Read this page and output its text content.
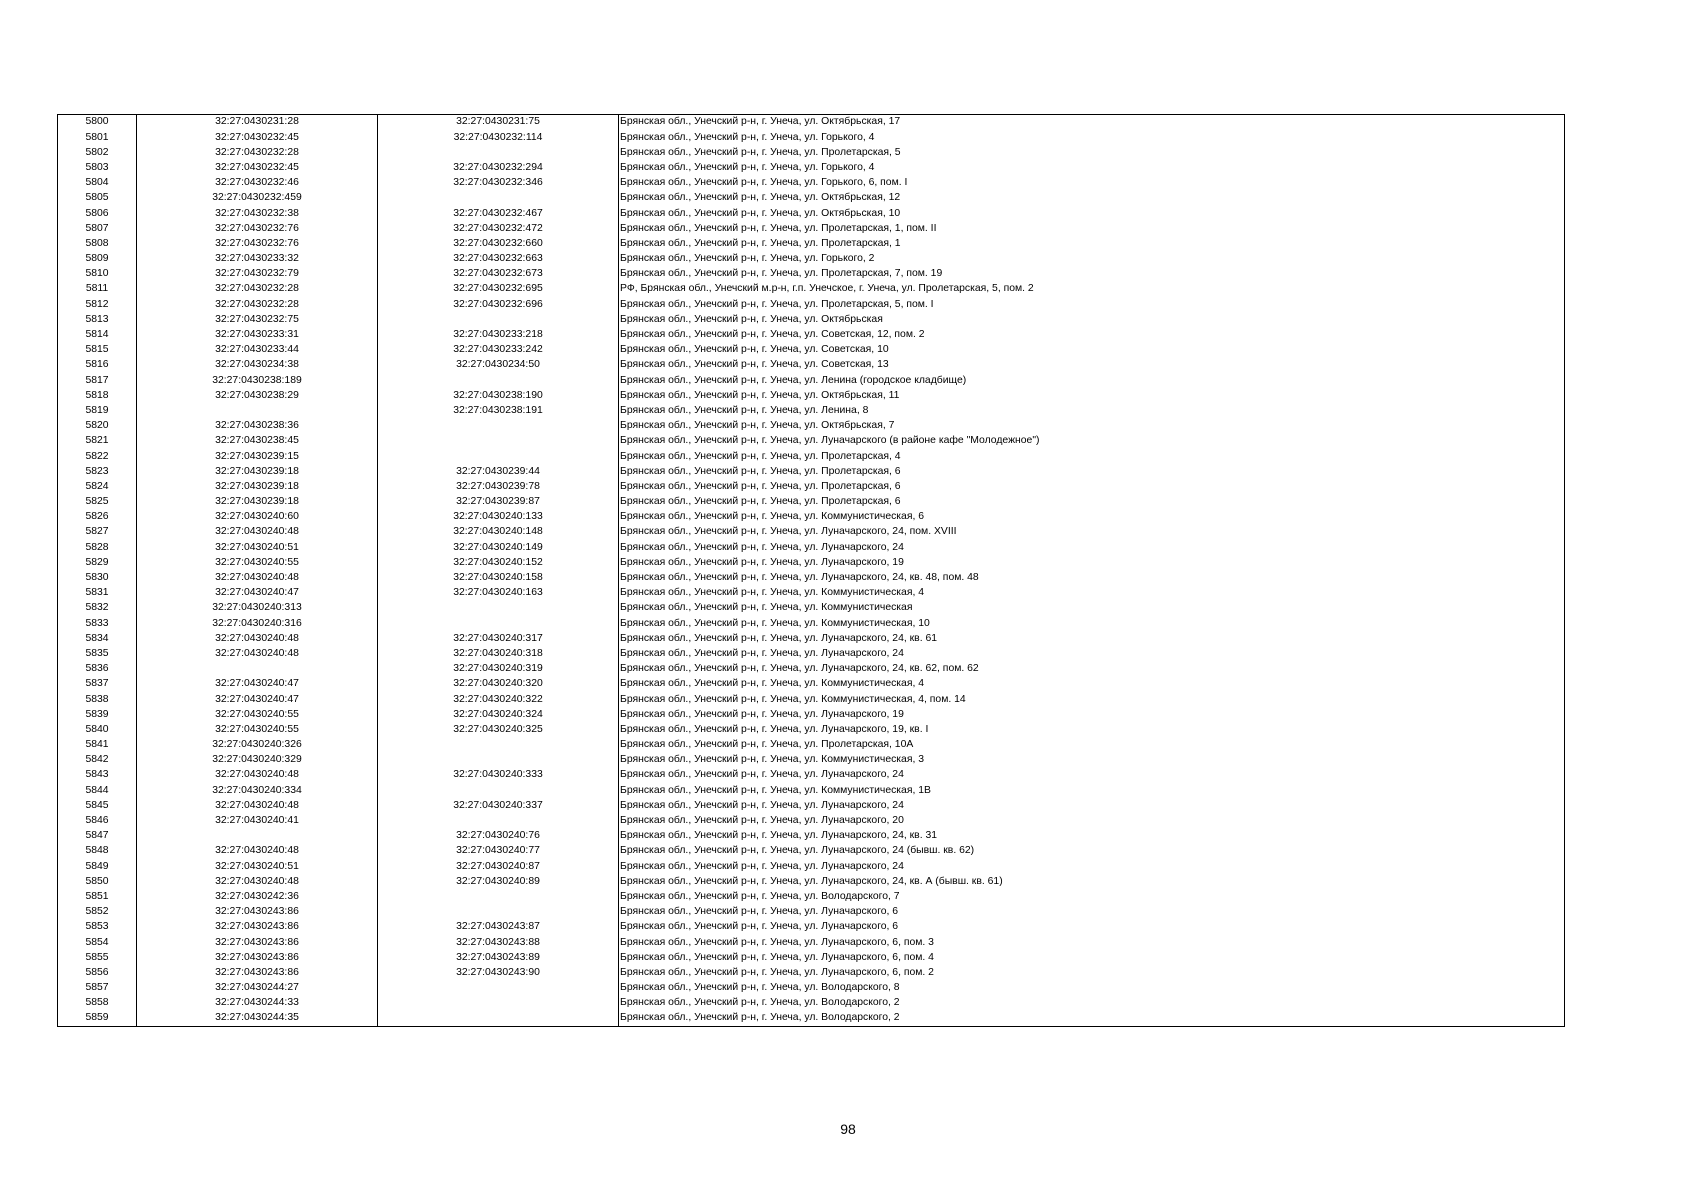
5800	32:27:0430231:28	32:27:0430231:75	Брянская обл., Унечский р-н, г. Унеча, ул. Октябрьская, 17
5801	32:27:0430232:45	32:27:0430232:114	Брянская обл., Унечский р-н, г. Унеча, ул. Горького, 4
5802	32:27:0430232:28		Брянская обл., Унечский р-н, г. Унеча, ул. Пролетарская, 5
5803	32:27:0430232:45	32:27:0430232:294	Брянская обл., Унечский р-н, г. Унеча, ул. Горького, 4
5804	32:27:0430232:46	32:27:0430232:346	Брянская обл., Унечский р-н, г. Унеча, ул. Горького, 6, пом. I
5805	32:27:0430232:459		Брянская обл., Унечский р-н, г. Унеча, ул. Октябрьская, 12
5806	32:27:0430232:38	32:27:0430232:467	Брянская обл., Унечский р-н, г. Унеча, ул. Октябрьская, 10
5807	32:27:0430232:76	32:27:0430232:472	Брянская обл., Унечский р-н, г. Унеча, ул. Пролетарская, 1, пом. II
5808	32:27:0430232:76	32:27:0430232:660	Брянская обл., Унечский р-н, г. Унеча, ул. Пролетарская, 1
5809	32:27:0430233:32	32:27:0430232:663	Брянская обл., Унечский р-н, г. Унеча, ул. Горького, 2
5810	32:27:0430232:79	32:27:0430232:673	Брянская обл., Унечский р-н, г. Унеча, ул. Пролетарская, 7, пом. 19
5811	32:27:0430232:28	32:27:0430232:695	РФ, Брянская обл., Унечский м.р-н, г.п. Унечское, г. Унеча, ул. Пролетарская, 5, пом. 2
5812	32:27:0430232:28	32:27:0430232:696	Брянская обл., Унечский р-н, г. Унеча, ул. Пролетарская, 5, пом. I
5813	32:27:0430232:75		Брянская обл., Унечский р-н, г. Унеча, ул. Октябрьская
5814	32:27:0430233:31	32:27:0430233:218	Брянская обл., Унечский р-н, г. Унеча, ул. Советская, 12, пом. 2
5815	32:27:0430233:44	32:27:0430233:242	Брянская обл., Унечский р-н, г. Унеча, ул. Советская, 10
5816	32:27:0430234:38	32:27:0430234:50	Брянская обл., Унечский р-н, г. Унеча, ул. Советская, 13
5817	32:27:0430238:189		Брянская обл., Унечский р-н, г. Унеча, ул. Ленина (городское кладбище)
5818	32:27:0430238:29	32:27:0430238:190	Брянская обл., Унечский р-н, г. Унеча, ул. Октябрьская, 11
5819		32:27:0430238:191	Брянская обл., Унечский р-н, г. Унеча, ул. Ленина, 8
5820	32:27:0430238:36		Брянская обл., Унечский р-н, г. Унеча, ул. Октябрьская, 7
5821	32:27:0430238:45		Брянская обл., Унечский р-н, г. Унеча, ул. Луначарского (в районе кафе "Молодежное")
5822	32:27:0430239:15		Брянская обл., Унечский р-н, г. Унеча, ул. Пролетарская, 4
5823	32:27:0430239:18	32:27:0430239:44	Брянская обл., Унечский р-н, г. Унеча, ул. Пролетарская, 6
5824	32:27:0430239:18	32:27:0430239:78	Брянская обл., Унечский р-н, г. Унеча, ул. Пролетарская, 6
5825	32:27:0430239:18	32:27:0430239:87	Брянская обл., Унечский р-н, г. Унеча, ул. Пролетарская, 6
5826	32:27:0430240:60	32:27:0430240:133	Брянская обл., Унечский р-н, г. Унеча, ул. Коммунистическая, 6
5827	32:27:0430240:48	32:27:0430240:148	Брянская обл., Унечский р-н, г. Унеча, ул. Луначарского, 24, пом. XVIII
5828	32:27:0430240:51	32:27:0430240:149	Брянская обл., Унечский р-н, г. Унеча, ул. Луначарского, 24
5829	32:27:0430240:55	32:27:0430240:152	Брянская обл., Унечский р-н, г. Унеча, ул. Луначарского, 19
5830	32:27:0430240:48	32:27:0430240:158	Брянская обл., Унечский р-н, г. Унеча, ул. Луначарского, 24, кв. 48, пом. 48
5831	32:27:0430240:47	32:27:0430240:163	Брянская обл., Унечский р-н, г. Унеча, ул. Коммунистическая, 4
5832	32:27:0430240:313		Брянская обл., Унечский р-н, г. Унеча, ул. Коммунистическая
5833	32:27:0430240:316		Брянская обл., Унечский р-н, г. Унеча, ул. Коммунистическая, 10
5834	32:27:0430240:48	32:27:0430240:317	Брянская обл., Унечский р-н, г. Унеча, ул. Луначарского, 24, кв. 61
5835	32:27:0430240:48	32:27:0430240:318	Брянская обл., Унечский р-н, г. Унеча, ул. Луначарского, 24
5836		32:27:0430240:319	Брянская обл., Унечский р-н, г. Унеча, ул. Луначарского, 24, кв. 62, пом. 62
5837	32:27:0430240:47	32:27:0430240:320	Брянская обл., Унечский р-н, г. Унеча, ул. Коммунистическая, 4
5838	32:27:0430240:47	32:27:0430240:322	Брянская обл., Унечский р-н, г. Унеча, ул. Коммунистическая, 4, пом. 14
5839	32:27:0430240:55	32:27:0430240:324	Брянская обл., Унечский р-н, г. Унеча, ул. Луначарского, 19
5840	32:27:0430240:55	32:27:0430240:325	Брянская обл., Унечский р-н, г. Унеча, ул. Луначарского, 19, кв. I
5841	32:27:0430240:326		Брянская обл., Унечский р-н, г. Унеча, ул. Пролетарская, 10А
5842	32:27:0430240:329		Брянская обл., Унечский р-н, г. Унеча, ул. Коммунистическая, 3
5843	32:27:0430240:48	32:27:0430240:333	Брянская обл., Унечский р-н, г. Унеча, ул. Луначарского, 24
5844	32:27:0430240:334		Брянская обл., Унечский р-н, г. Унеча, ул. Коммунистическая, 1В
5845	32:27:0430240:48	32:27:0430240:337	Брянская обл., Унечский р-н, г. Унеча, ул. Луначарского, 24
5846	32:27:0430240:41		Брянская обл., Унечский р-н, г. Унеча, ул. Луначарского, 20
5847		32:27:0430240:76	Брянская обл., Унечский р-н, г. Унеча, ул. Луначарского, 24, кв. 31
5848	32:27:0430240:48	32:27:0430240:77	Брянская обл., Унечский р-н, г. Унеча, ул. Луначарского, 24 (бывш. кв. 62)
5849	32:27:0430240:51	32:27:0430240:87	Брянская обл., Унечский р-н, г. Унеча, ул. Луначарского, 24
5850	32:27:0430240:48	32:27:0430240:89	Брянская обл., Унечский р-н, г. Унеча, ул. Луначарского, 24, кв. А (бывш. кв. 61)
5851	32:27:0430242:36		Брянская обл., Унечский р-н, г. Унеча, ул. Володарского, 7
5852	32:27:0430243:86		Брянская обл., Унечский р-н, г. Унеча, ул. Луначарского, 6
5853	32:27:0430243:86	32:27:0430243:87	Брянская обл., Унечский р-н, г. Унеча, ул. Луначарского, 6
5854	32:27:0430243:86	32:27:0430243:88	Брянская обл., Унечский р-н, г. Унеча, ул. Луначарского, 6, пом. 3
5855	32:27:0430243:86	32:27:0430243:89	Брянская обл., Унечский р-н, г. Унеча, ул. Луначарского, 6, пом. 4
5856	32:27:0430243:86	32:27:0430243:90	Брянская обл., Унечский р-н, г. Унеча, ул. Луначарского, 6, пом. 2
5857	32:27:0430244:27		Брянская обл., Унечский р-н, г. Унеча, ул. Володарского, 8
5858	32:27:0430244:33		Брянская обл., Унечский р-н, г. Унеча, ул. Володарского, 2
5859	32:27:0430244:35		Брянская обл., Унечский р-н, г. Унеча, ул. Володарского, 2
98
